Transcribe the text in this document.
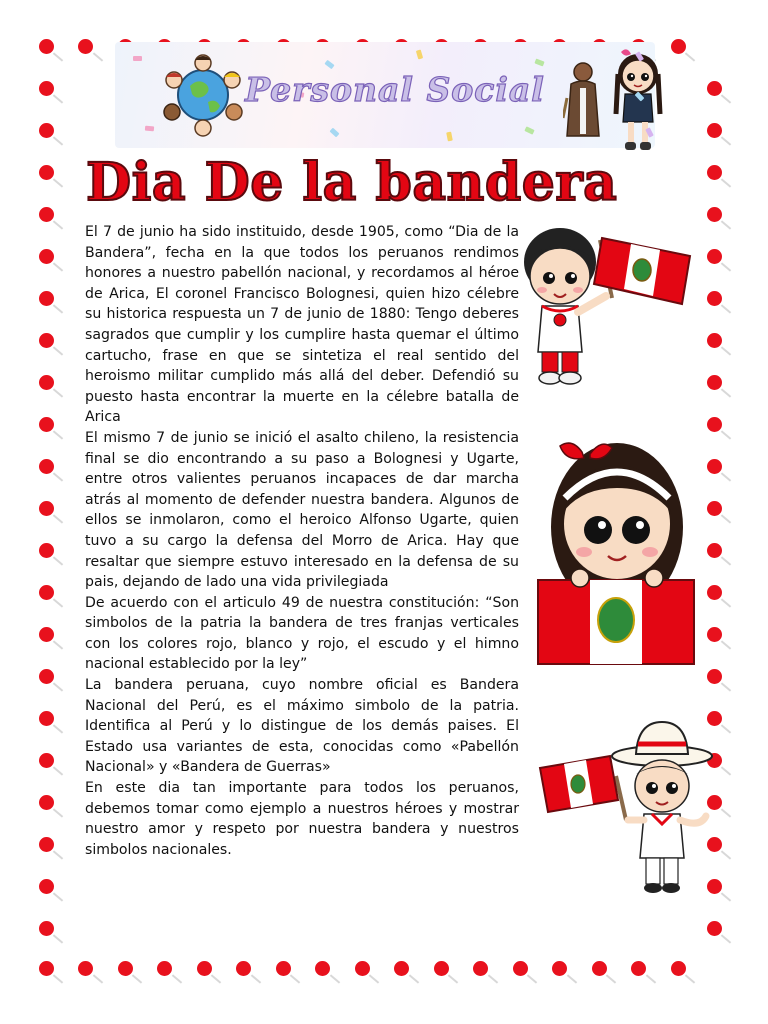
Personal Social
Dia De la bandera

El 7 de junio ha sido instituido, desde 1905, como “Dia de la Bandera”, fecha en la que todos los peruanos rendimos honores a nuestro pabellón nacional, y recordamos al héroe de Arica, El coronel Francisco Bolognesi, quien hizo célebre su historica respuesta un 7 de junio de 1880: Tengo deberes sagrados que cumplir y los cumplire hasta quemar el último cartucho, frase en que se sintetiza el real sentido del heroismo militar cumplido más allá del deber. Defendió su puesto hasta encontrar la muerte en la célebre batalla de Arica

El mismo 7 de junio se inició el asalto chileno, la resistencia final se dio encontrando a su paso a Bolognesi y Ugarte, entre otros valientes peruanos incapaces de dar marcha atrás al momento de defender nuestra bandera. Algunos de ellos se inmolaron, como el heroico Alfonso Ugarte, quien tuvo a su cargo la defensa del Morro de Arica. Hay que resaltar que siempre estuvo interesado en la defensa de su pais, dejando de lado una vida privilegiada

De acuerdo con el articulo 49 de nuestra constitución: “Son simbolos de la patria la bandera de tres franjas verticales con los colores rojo, blanco y rojo, el escudo y el himno nacional establecido por la ley”

La bandera peruana, cuyo nombre oficial es Bandera Nacional del Perú, es el máximo simbolo de la patria. Identifica al Perú y lo distingue de los demás paises. El Estado usa variantes de esta, conocidas como «Pabellón Nacional» y «Bandera de Guerras»

En este dia tan importante para todos los peruanos, debemos tomar como ejemplo a nuestros héroes y mostrar nuestro amor y respeto por nuestra bandera y nuestros simbolos nacionales.
